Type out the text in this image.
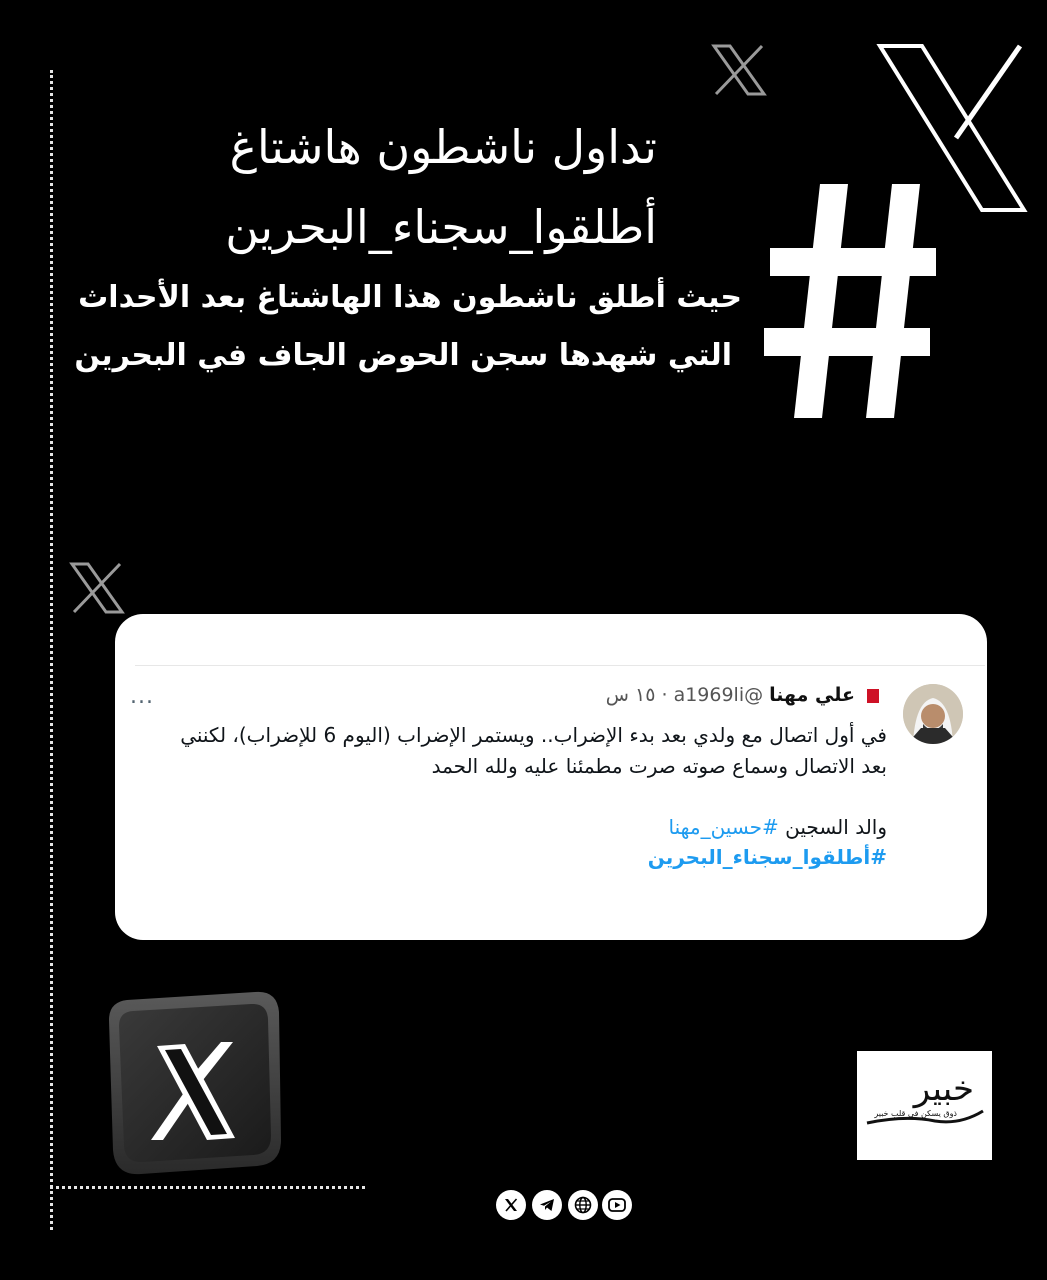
تداول ناشطون هاشتاغ
أطلقوا_سجناء_البحرين
حيث أطلق ناشطون هذا الهاشتاغ بعد الأحداث
التي شهدها سجن الحوض الجاف في البحرين
علي مهنا @a1969li · ١٥ س
...
في أول اتصال مع ولدي بعد بدء الإضراب.. ويستمر الإضراب (اليوم 6 للإضراب)، لكنني
بعد الاتصال وسماع صوته صرت مطمئنا عليه ولله الحمد
والد السجين #حسين_مهنا
#أطلقوا_سجناء_البحرين
خبير
ذوق يسكن في قلب خبير
